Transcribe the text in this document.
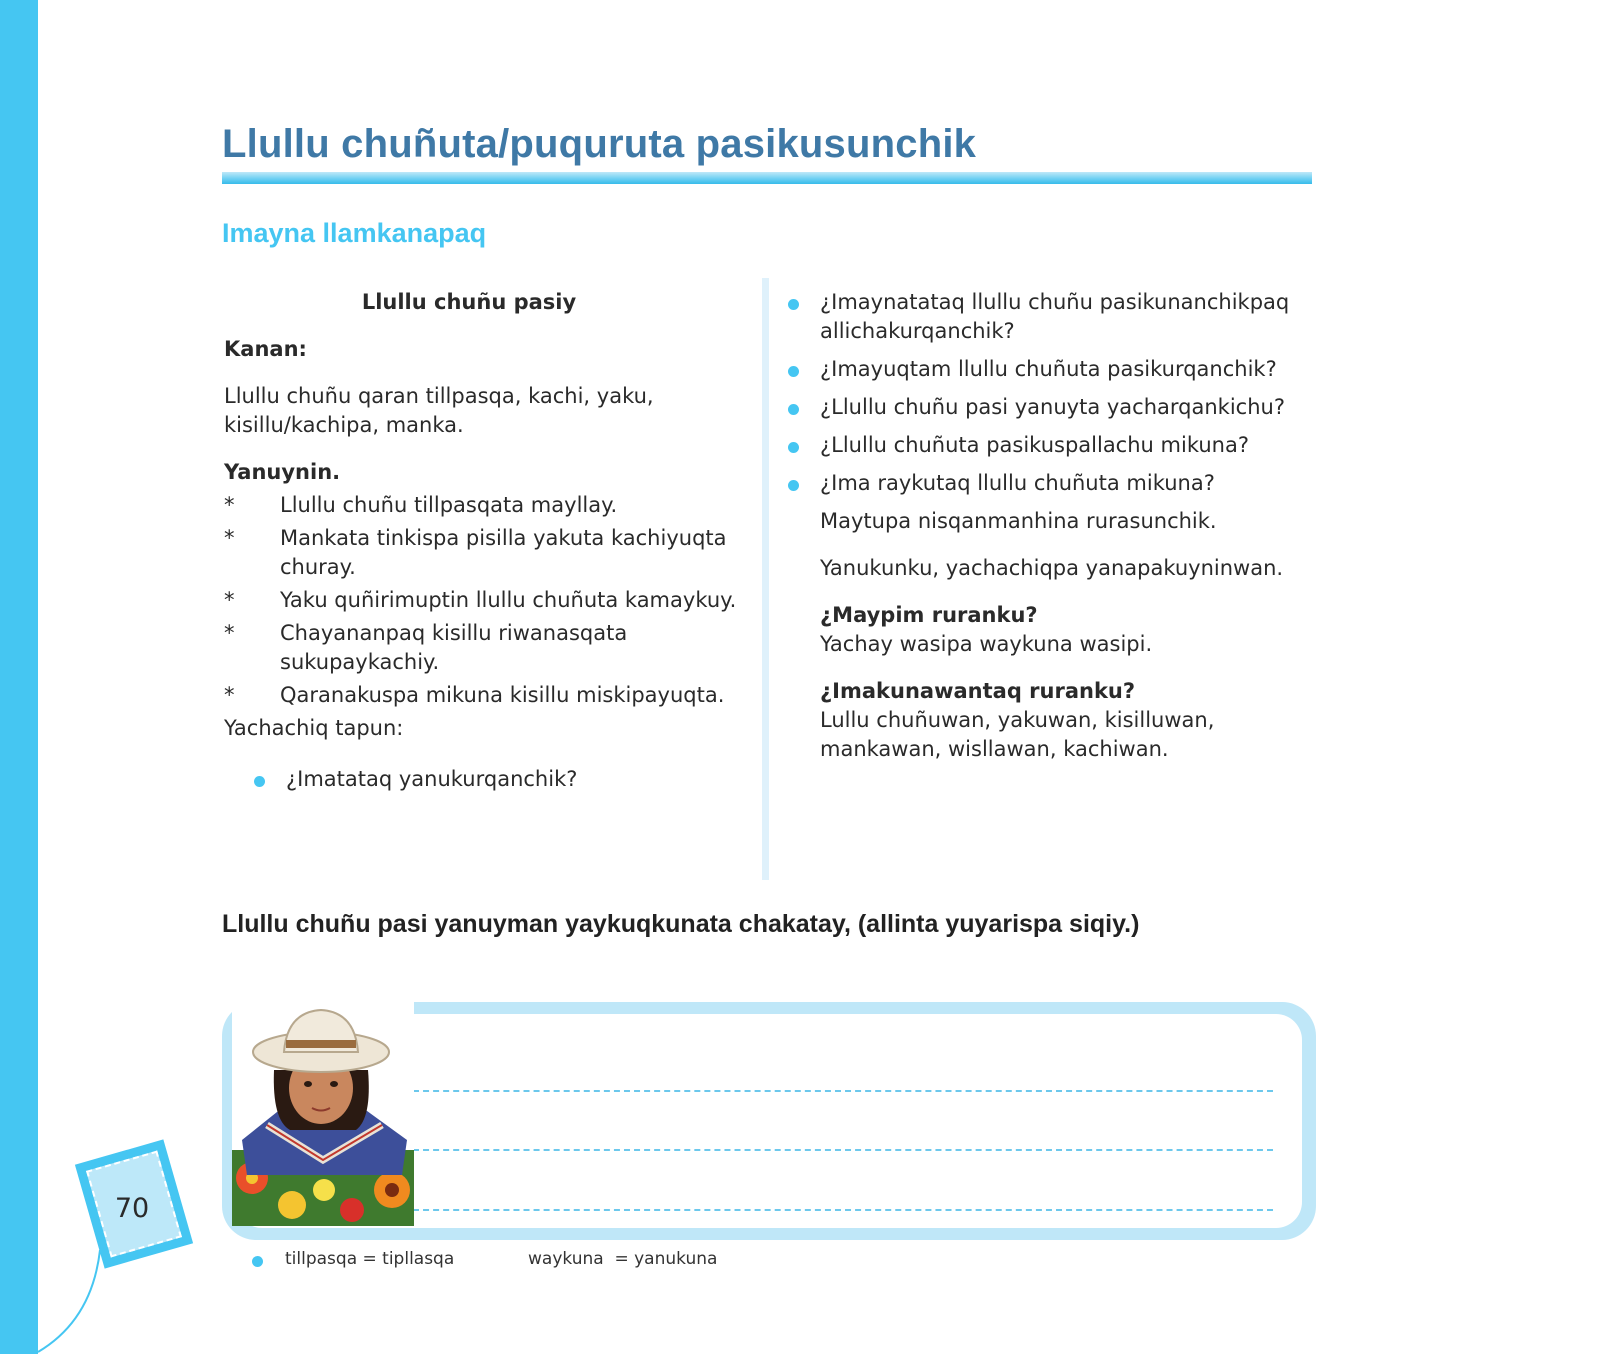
Llullu chuñuta/puquruta pasikusunchik
Imayna llamkanapaq
Llullu chuñu pasiy
Kanan:
Llullu chuñu qaran tillpasqa, kachi, yaku, kisillu/kachipa, manka.
Yanuynin.
* Llullu chuñu tillpasqata mayllay.
* Mankata tinkispa pisilla yakuta kachiyuqta churay.
* Yaku quñirimuptin llullu chuñuta kamaykuy.
* Chayananpaq kisillu riwanasqata sukupaykachiy.
* Qaranakuspa mikuna kisillu miskipayuqta.
Yachachiq tapun:
¿Imatataq yanukurqanchik?
¿Imaynatataq llullu chuñu pasikunanchikpaq allichakurqanchik?
¿Imayuqtam llullu chuñuta pasikurqanchik?
¿Llullu chuñu pasi yanuyta yacharqankichu?
¿Llullu chuñuta pasikuspallachu mikuna?
¿Ima raykutaq llullu chuñuta mikuna?
Maytupa nisqanmanhina rurasunchik.
Yanukunku, yachachiqpa yanapakuyninwan.
¿Maypim ruranku?
Yachay wasipa waykuna wasipi.
¿Imakunawantaq ruranku?
Lullu chuñuwan, yakuwan, kisilluwan, mankawan, wisllawan, kachiwan.
Llullu chuñu pasi yanuyman yaykuqkunata chakatay, (allinta yuyarispa siqiy.)
70
tillpasqa = tipllasqa	waykuna  = yanukuna
